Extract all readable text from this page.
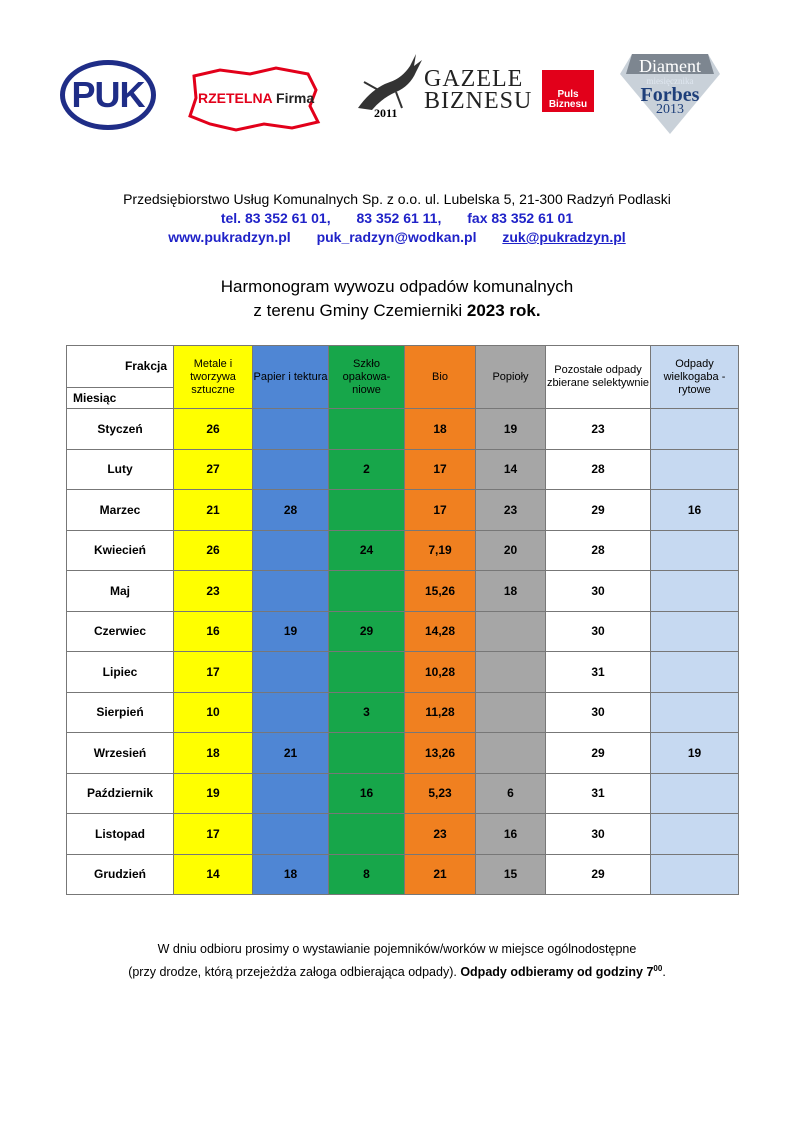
PUK	RZETELNA Firma
GAZELE
BIZNESU
2011
Puls
Biznesu
Diament
miesięcznika
Forbes
2013
Przedsiębiorstwo Usług Komunalnych Sp. z o.o. ul. Lubelska 5, 21-300 Radzyń Podlaski
tel. 83 352 61 01, 83 352 61 11, fax 83 352 61 01
www.pukradzyn.pl puk_radzyn@wodkan.pl zuk@pukradzyn.pl
Harmonogram wywozu odpadów komunalnych
z terenu Gminy Czemierniki 2023 rok.
Frakcja
Miesiąc	Metale i tworzywa sztuczne	Papier i tektura	Szkło opakowa-niowe	Bio	Popioły	Pozostałe odpady zbierane selektywnie	Odpady wielkogaba - rytowe
Styczeń	26			18	19	23	
Luty	27		2	17	14	28	
Marzec	21	28		17	23	29	16
Kwiecień	26		24	7,19	20	28	
Maj	23			15,26	18	30	
Czerwiec	16	19	29	14,28		30	
Lipiec	17			10,28		31	
Sierpień	10		3	11,28		30	
Wrzesień	18	21		13,26		29	19
Październik	19		16	5,23	6	31	
Listopad	17			23	16	30	
Grudzień	14	18	8	21	15	29	
W dniu odbioru prosimy o wystawianie pojemników/worków w miejsce ogólnodostępne
(przy drodze, którą przejeżdża załoga odbierająca odpady). Odpady odbieramy od godziny $7^{00}$.
